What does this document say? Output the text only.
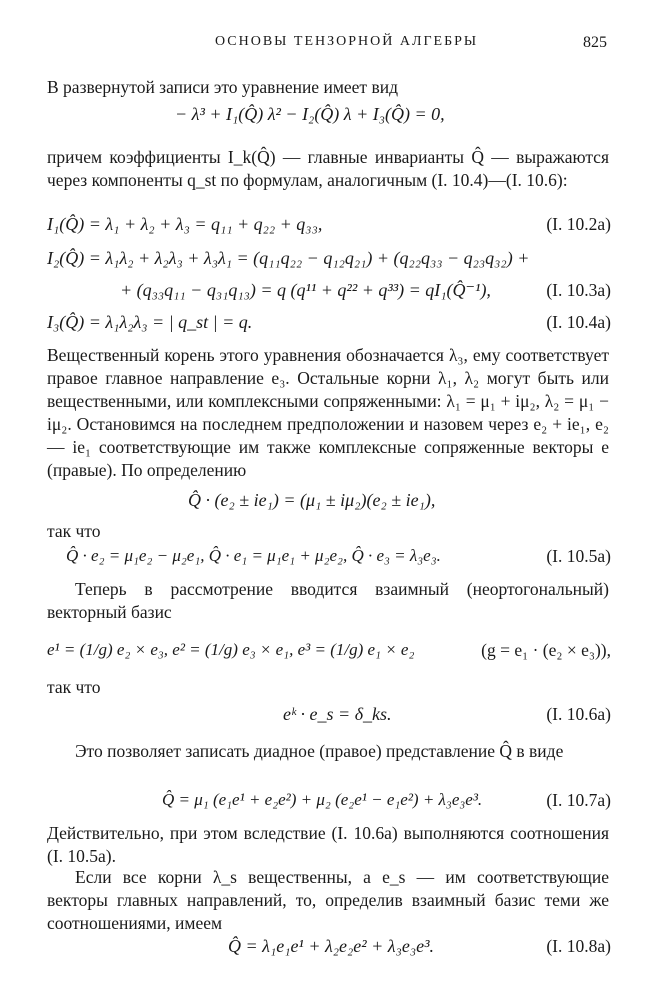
ОСНОВЫ ТЕНЗОРНОЙ АЛГЕБРЫ	825
В развернутой записи это уравнение имеет вид
− λ³ + I₁(Q̂) λ² − I₂(Q̂) λ + I₃(Q̂) = 0,
причем коэффициенты I_k(Q̂) — главные инварианты Q̂ — выражаются через компоненты q_st по формулам, аналогичным (I. 10.4)—(I. 10.6):
I₁(Q̂) = λ₁ + λ₂ + λ₃ = q₁₁ + q₂₂ + q₃₃,	(I. 10.2a)
I₂(Q̂) = λ₁λ₂ + λ₂λ₃ + λ₃λ₁ = (q₁₁q₂₂ − q₁₂q₂₁) + (q₂₂q₃₃ − q₂₃q₃₂) +
+ (q₃₃q₁₁ − q₃₁q₁₃) = q (q¹¹ + q²² + q³³) = qI₁(Q̂⁻¹),	(I. 10.3a)
I₃(Q̂) = λ₁λ₂λ₃ = | q_st | = q.	(I. 10.4a)
Вещественный корень этого уравнения обозначается λ₃, ему соответствует правое главное направление e₃. Остальные корни λ₁, λ₂ могут быть или вещественными, или комплексными сопряженными: λ₁ = μ₁ + iμ₂, λ₂ = μ₁ − iμ₂. Остановимся на последнем предположении и назовем через e₂ + ie₁, e₂ — ie₁ соответствующие им также комплексные сопряженные векторы e (правые). По определению
Q̂ · (e₂ ± ie₁) = (μ₁ ± iμ₂)(e₂ ± ie₁),
так что
Q̂ · e₂ = μ₁e₂ − μ₂e₁, Q̂ · e₁ = μ₁e₁ + μ₂e₂, Q̂ · e₃ = λ₃e₃.	(I. 10.5a)
Теперь в рассмотрение вводится взаимный (неортогональный) векторный базис
e¹ = (1/g) e₂ × e₃, e² = (1/g) e₃ × e₁, e³ = (1/g) e₁ × e₂	(g = e₁ · (e₂ × e₃)),
так что
eᵏ · e_s = δ_ks.	(I. 10.6a)
Это позволяет записать диадное (правое) представление Q̂ в виде
Q̂ = μ₁ (e₁e¹ + e₂e²) + μ₂ (e₂e¹ − e₁e²) + λ₃e₃e³.	(I. 10.7a)
Действительно, при этом вследствие (I. 10.6a) выполняются соотношения (I. 10.5a).
Если все корни λ_s вещественны, а e_s — им соответствующие векторы главных направлений, то, определив взаимный базис теми же соотношениями, имеем
Q̂ = λ₁e₁e¹ + λ₂e₂e² + λ₃e₃e³.	(I. 10.8a)
